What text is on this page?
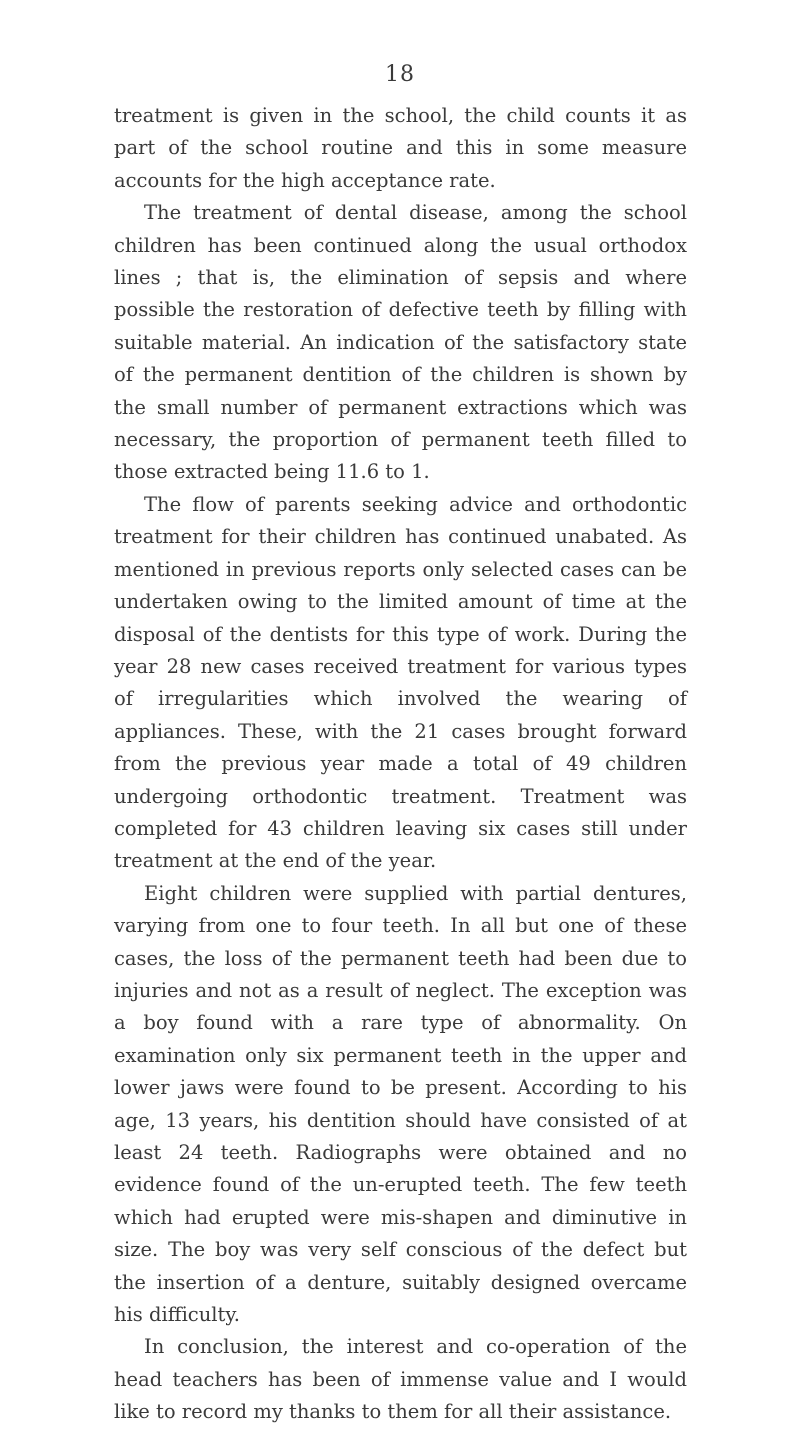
18

treatment is given in the school, the child counts it as part of the school routine and this in some measure accounts for the high acceptance rate.

The treatment of dental disease, among the school children has been continued along the usual orthodox lines ; that is, the elimination of sepsis and where possible the restoration of defective teeth by filling with suitable material. An indication of the satisfactory state of the permanent dentition of the children is shown by the small number of permanent extractions which was necessary, the proportion of permanent teeth filled to those extracted being 11.6 to 1.

The flow of parents seeking advice and orthodontic treatment for their children has continued unabated. As mentioned in previous reports only selected cases can be undertaken owing to the limited amount of time at the disposal of the dentists for this type of work. During the year 28 new cases received treatment for various types of irregularities which involved the wearing of appliances. These, with the 21 cases brought forward from the previous year made a total of 49 children undergoing orthodontic treatment. Treatment was completed for 43 children leaving six cases still under treatment at the end of the year.

Eight children were supplied with partial dentures, varying from one to four teeth. In all but one of these cases, the loss of the permanent teeth had been due to injuries and not as a result of neglect. The exception was a boy found with a rare type of abnormality. On examination only six permanent teeth in the upper and lower jaws were found to be present. According to his age, 13 years, his dentition should have consisted of at least 24 teeth. Radiographs were obtained and no evidence found of the un-erupted teeth. The few teeth which had erupted were mis-shapen and diminutive in size. The boy was very self conscious of the defect but the insertion of a denture, suitably designed overcame his difficulty.

In conclusion, the interest and co-operation of the head teachers has been of immense value and I would like to record my thanks to them for all their assistance.
